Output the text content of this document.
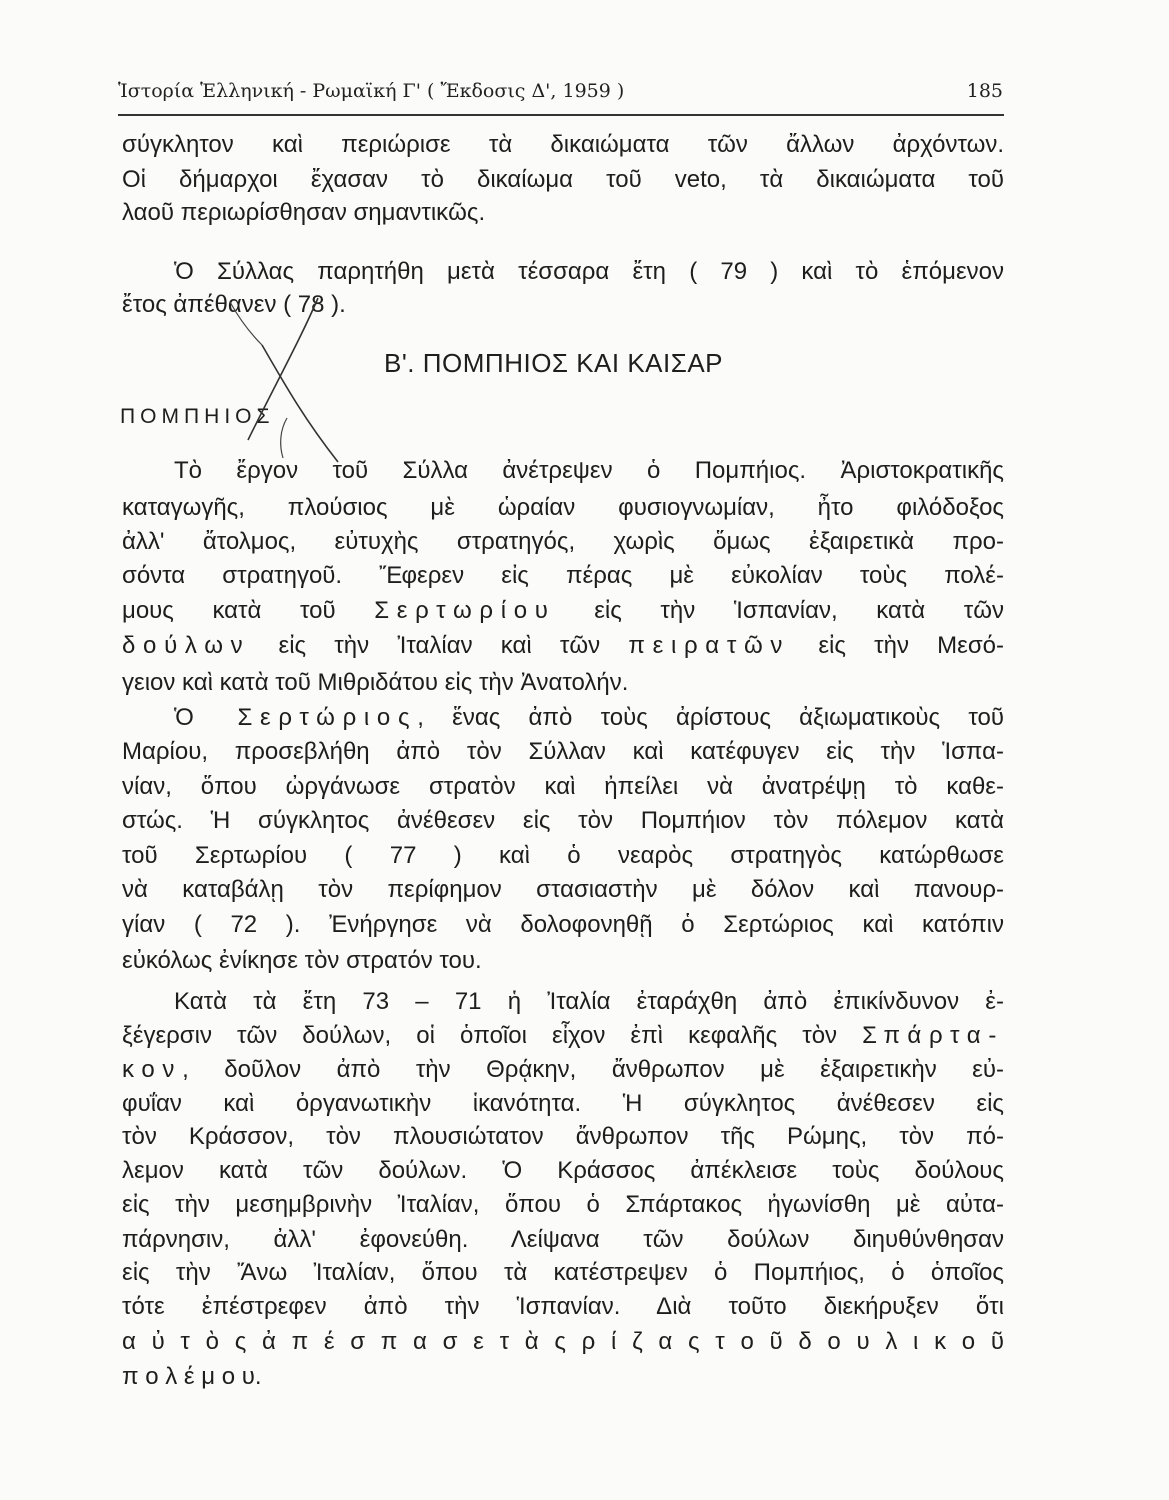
Ἱστορία Ἑλληνική - Ρωμαϊκή Γ' ( Ἔκδοσις Δ', 1959 )	185
Β'. ΠΟΜΠΗΙΟΣ ΚΑΙ ΚΑΙΣΑΡ
ΠΟΜΠΗΙΟΣ
σύγκλητον καὶ περιώρισε τὰ δικαιώματα τῶν ἄλλων ἀρχόντων.
Οἱ δήμαρχοι ἔχασαν τὸ δικαίωμα τοῦ veto, τὰ δικαιώματα τοῦ
λαοῦ περιωρίσθησαν σημαντικῶς.
Ὁ Σύλλας παρητήθη μετὰ τέσσαρα ἔτη ( 79 ) καὶ τὸ ἑπόμενον
ἔτος ἀπέθανεν ( 78 ).
Τὸ ἔργον τοῦ Σύλλα ἀνέτρεψεν ὁ Πομπήιος. Ἀριστοκρατικῆς
καταγωγῆς, πλούσιος μὲ ὡραίαν φυσιογνωμίαν, ἦτο φιλόδοξος
ἀλλ' ἄτολμος, εὐτυχὴς στρατηγός, χωρὶς ὅμως ἐξαιρετικὰ προ-
σόντα στρατηγοῦ. Ἔφερεν εἰς πέρας μὲ εὐκολίαν τοὺς πολέ-
μους κατὰ τοῦ Σερτωρίου εἰς τὴν Ἱσπανίαν, κατὰ τῶν
δούλων εἰς τὴν Ἰταλίαν καὶ τῶν πειρατῶν εἰς τὴν Μεσό-
γειον καὶ κατὰ τοῦ Μιθριδάτου εἰς τὴν Ἀνατολήν.
Ὁ Σερτώριος, ἕνας ἀπὸ τοὺς ἀρίστους ἀξιωματικοὺς τοῦ
Μαρίου, προσεβλήθη ἀπὸ τὸν Σύλλαν καὶ κατέφυγεν εἰς τὴν Ἱσπα-
νίαν, ὅπου ὠργάνωσε στρατὸν καὶ ἠπείλει νὰ ἀνατρέψῃ τὸ καθε-
στώς. Ἡ σύγκλητος ἀνέθεσεν εἰς τὸν Πομπήιον τὸν πόλεμον κατὰ
τοῦ Σερτωρίου ( 77 ) καὶ ὁ νεαρὸς στρατηγὸς κατώρθωσε
νὰ καταβάλῃ τὸν περίφημον στασιαστὴν μὲ δόλον καὶ πανουρ-
γίαν ( 72 ). Ἐνήργησε νὰ δολοφονηθῇ ὁ Σερτώριος καὶ κατόπιν
εὐκόλως ἐνίκησε τὸν στρατόν του.
Κατὰ τὰ ἔτη 73 – 71 ἡ Ἰταλία ἐταράχθη ἀπὸ ἐπικίνδυνον ἐ-
ξέγερσιν τῶν δούλων, οἱ ὁποῖοι εἶχον ἐπὶ κεφαλῆς τὸν Σπάρτα-
κον, δοῦλον ἀπὸ τὴν Θρᾴκην, ἄνθρωπον μὲ ἐξαιρετικὴν εὐ-
φυΐαν καὶ ὀργανωτικὴν ἱκανότητα. Ἡ σύγκλητος ἀνέθεσεν εἰς
τὸν Κράσσον, τὸν πλουσιώτατον ἄνθρωπον τῆς Ρώμης, τὸν πό-
λεμον κατὰ τῶν δούλων. Ὁ Κράσσος ἀπέκλεισε τοὺς δούλους
εἰς τὴν μεσημβρινὴν Ἰταλίαν, ὅπου ὁ Σπάρτακος ἠγωνίσθη μὲ αὐτα-
πάρνησιν, ἀλλ' ἐφονεύθη. Λείψανα τῶν δούλων διηυθύνθησαν
εἰς τὴν Ἄνω Ἰταλίαν, ὅπου τὰ κατέστρεψεν ὁ Πομπήιος, ὁ ὁποῖος
τότε ἐπέστρεφεν ἀπὸ τὴν Ἱσπανίαν. Διὰ τοῦτο διεκήρυξεν ὅτι
α ὐ τ ὸ ς ἀ π έ σ π α σ ε τ ὰ ς ρ ί ζ α ς τ ο ῦ δ ο υ λ ι κ ο ῦ
π ο λ έ μ ο υ.
